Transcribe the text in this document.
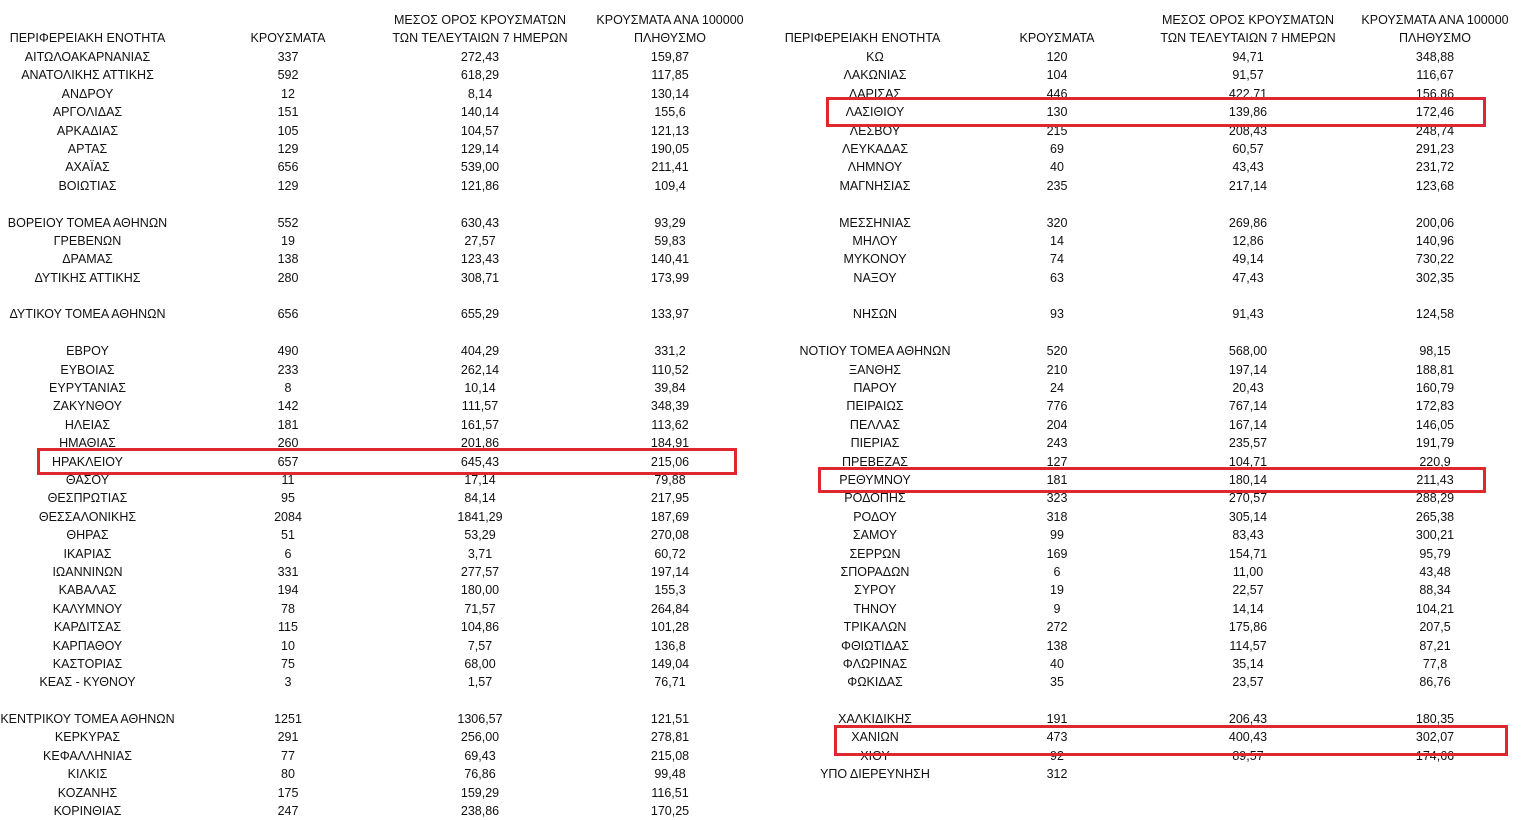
ΠΕΡΙΦΕΡΕΙΑΚΗ ΕΝΟΤΗΤΑ	ΚΡΟΥΣΜΑΤΑ
ΜΕΣΟΣ ΟΡΟΣ ΚΡΟΥΣΜΑΤΩΝ
ΤΩΝ ΤΕΛΕΥΤΑΙΩΝ 7 ΗΜΕΡΩΝ
ΚΡΟΥΣΜΑΤΑ ΑΝΑ 100000
ΠΛΗΘΥΣΜΟ
ΑΙΤΩΛΟΑΚΑΡΝΑΝΙΑΣ	337	272,43	159,87
ΑΝΑΤΟΛΙΚΗΣ ΑΤΤΙΚΗΣ	592	618,29	117,85
ΑΝΔΡΟΥ	12	8,14	130,14
ΑΡΓΟΛΙΔΑΣ	151	140,14	155,6
ΑΡΚΑΔΙΑΣ	105	104,57	121,13
ΑΡΤΑΣ	129	129,14	190,05
ΑΧΑΪΑΣ	656	539,00	211,41
ΒΟΙΩΤΙΑΣ	129	121,86	109,4
ΒΟΡΕΙΟΥ ΤΟΜΕΑ ΑΘΗΝΩΝ	552	630,43	93,29
ΓΡΕΒΕΝΩΝ	19	27,57	59,83
ΔΡΑΜΑΣ	138	123,43	140,41
ΔΥΤΙΚΗΣ ΑΤΤΙΚΗΣ	280	308,71	173,99
ΔΥΤΙΚΟΥ ΤΟΜΕΑ ΑΘΗΝΩΝ	656	655,29	133,97
ΕΒΡΟΥ	490	404,29	331,2
ΕΥΒΟΙΑΣ	233	262,14	110,52
ΕΥΡΥΤΑΝΙΑΣ	8	10,14	39,84
ΖΑΚΥΝΘΟΥ	142	111,57	348,39
ΗΛΕΙΑΣ	181	161,57	113,62
ΗΜΑΘΙΑΣ	260	201,86	184,91
ΗΡΑΚΛΕΙΟΥ	657	645,43	215,06
ΘΑΣΟΥ	11	17,14	79,88
ΘΕΣΠΡΩΤΙΑΣ	95	84,14	217,95
ΘΕΣΣΑΛΟΝΙΚΗΣ	2084	1841,29	187,69
ΘΗΡΑΣ	51	53,29	270,08
ΙΚΑΡΙΑΣ	6	3,71	60,72
ΙΩΑΝΝΙΝΩΝ	331	277,57	197,14
ΚΑΒΑΛΑΣ	194	180,00	155,3
ΚΑΛΥΜΝΟΥ	78	71,57	264,84
ΚΑΡΔΙΤΣΑΣ	115	104,86	101,28
ΚΑΡΠΑΘΟΥ	10	7,57	136,8
ΚΑΣΤΟΡΙΑΣ	75	68,00	149,04
ΚΕΑΣ - ΚΥΘΝΟΥ	3	1,57	76,71
ΚΕΝΤΡΙΚΟΥ ΤΟΜΕΑ ΑΘΗΝΩΝ	1251	1306,57	121,51
ΚΕΡΚΥΡΑΣ	291	256,00	278,81
ΚΕΦΑΛΛΗΝΙΑΣ	77	69,43	215,08
ΚΙΛΚΙΣ	80	76,86	99,48
ΚΟΖΑΝΗΣ	175	159,29	116,51
ΚΟΡΙΝΘΙΑΣ	247	238,86	170,25
ΠΕΡΙΦΕΡΕΙΑΚΗ ΕΝΟΤΗΤΑ	ΚΡΟΥΣΜΑΤΑ
ΜΕΣΟΣ ΟΡΟΣ ΚΡΟΥΣΜΑΤΩΝ
ΤΩΝ ΤΕΛΕΥΤΑΙΩΝ 7 ΗΜΕΡΩΝ
ΚΡΟΥΣΜΑΤΑ ΑΝΑ 100000
ΠΛΗΘΥΣΜΟ
ΚΩ	120	94,71	348,88
ΛΑΚΩΝΙΑΣ	104	91,57	116,67
ΛΑΡΙΣΑΣ	446	422,71	156,86
ΛΑΣΙΘΙΟΥ	130	139,86	172,46
ΛΕΣΒΟΥ	215	208,43	248,74
ΛΕΥΚΑΔΑΣ	69	60,57	291,23
ΛΗΜΝΟΥ	40	43,43	231,72
ΜΑΓΝΗΣΙΑΣ	235	217,14	123,68
ΜΕΣΣΗΝΙΑΣ	320	269,86	200,06
ΜΗΛΟΥ	14	12,86	140,96
ΜΥΚΟΝΟΥ	74	49,14	730,22
ΝΑΞΟΥ	63	47,43	302,35
ΝΗΣΩΝ	93	91,43	124,58
ΝΟΤΙΟΥ ΤΟΜΕΑ ΑΘΗΝΩΝ	520	568,00	98,15
ΞΑΝΘΗΣ	210	197,14	188,81
ΠΑΡΟΥ	24	20,43	160,79
ΠΕΙΡΑΙΩΣ	776	767,14	172,83
ΠΕΛΛΑΣ	204	167,14	146,05
ΠΙΕΡΙΑΣ	243	235,57	191,79
ΠΡΕΒΕΖΑΣ	127	104,71	220,9
ΡΕΘΥΜΝΟΥ	181	180,14	211,43
ΡΟΔΟΠΗΣ	323	270,57	288,29
ΡΟΔΟΥ	318	305,14	265,38
ΣΑΜΟΥ	99	83,43	300,21
ΣΕΡΡΩΝ	169	154,71	95,79
ΣΠΟΡΑΔΩΝ	6	11,00	43,48
ΣΥΡΟΥ	19	22,57	88,34
ΤΗΝΟΥ	9	14,14	104,21
ΤΡΙΚΑΛΩΝ	272	175,86	207,5
ΦΘΙΩΤΙΔΑΣ	138	114,57	87,21
ΦΛΩΡΙΝΑΣ	40	35,14	77,8
ΦΩΚΙΔΑΣ	35	23,57	86,76
ΧΑΛΚΙΔΙΚΗΣ	191	206,43	180,35
ΧΑΝΙΩΝ	473	400,43	302,07
ΧΙΟΥ	92	89,57	174,66
ΥΠΟ ΔΙΕΡΕΥΝΗΣΗ	312
